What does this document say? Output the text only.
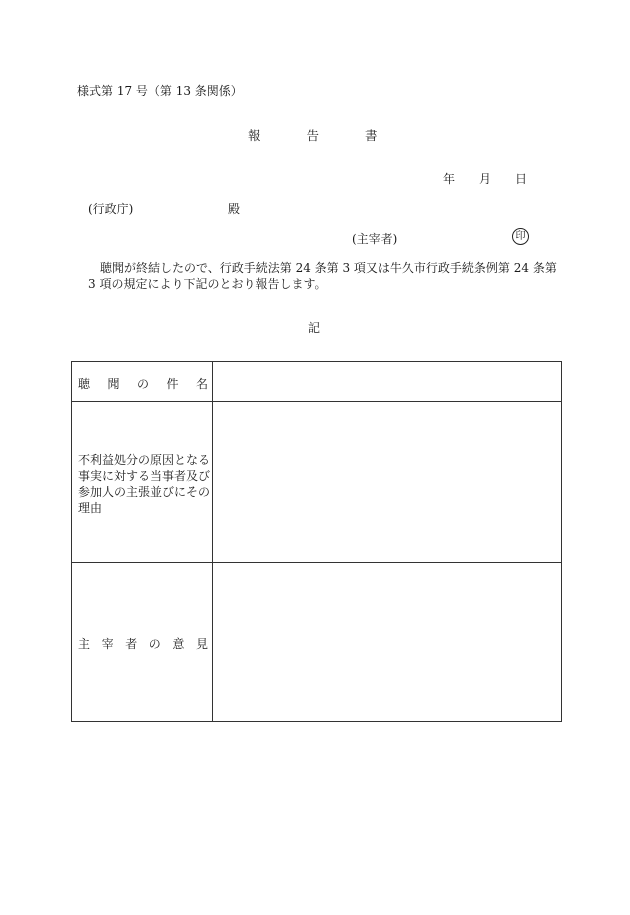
様式第 17 号（第 13 条関係）
報	告	書
年 月 日
(行政庁)	殿
(主宰者)	印
聴聞が終結したので、行政手続法第 24 条第 3 項又は牛久市行政手続条例第 24 条第
3 項の規定により下記のとおり報告します。
記
聴 聞 の 件 名
不利益処分の原因となる
事実に対する当事者及び
参加人の主張並びにその
理由
主 宰 者 の 意 見
